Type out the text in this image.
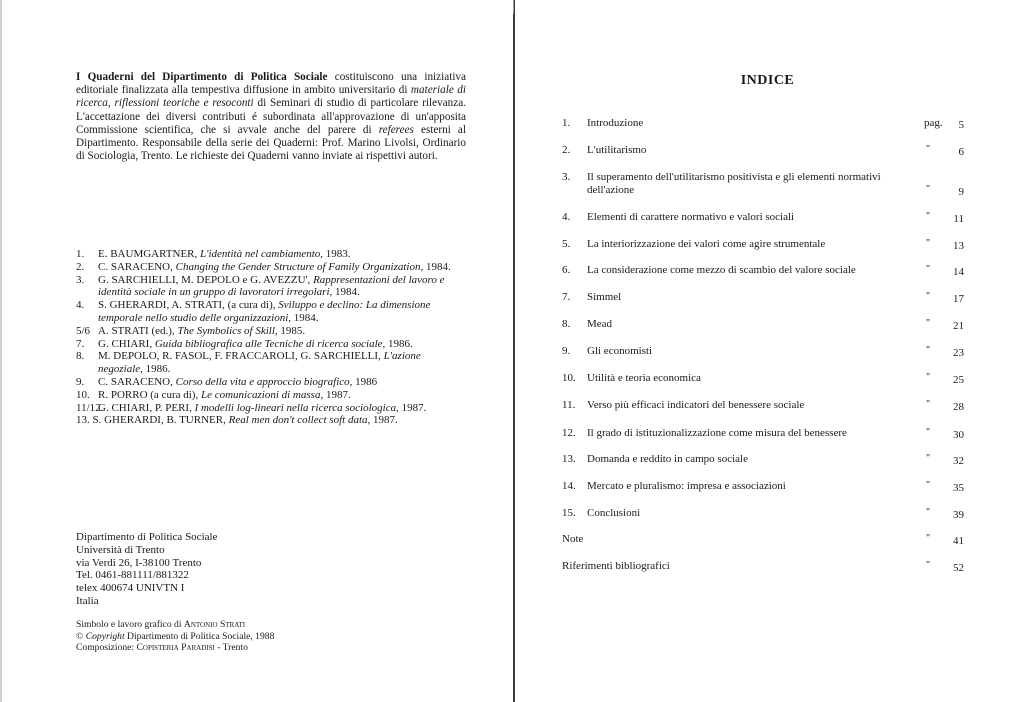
I Quaderni del Dipartimento di Politica Sociale costituiscono una iniziativa editoriale finalizzata alla tempestiva diffusione in ambito universitario di materiale di ricerca, riflessioni teoriche e resoconti di Seminari di studio di particolare rilevanza. L'accettazione dei diversi contributi é subordinata all'approvazione di un'apposita Commissione scientifica, che si avvale anche del parere di referees esterni al Dipartimento. Responsabile della serie dei Quaderni: Prof. Marino Livolsi, Ordinario di Sociologia, Trento. Le richieste dei Quaderni vanno inviate ai rispettivi autori.
1. E. BAUMGARTNER, L'identità nel cambiamento, 1983.
2. C. SARACENO, Changing the Gender Structure of Family Organization, 1984.
3. G. SARCHIELLI, M. DEPOLO e G. AVEZZU', Rappresentazioni del lavoro e identità sociale in un gruppo di lavoratori irregolari, 1984.
4. S. GHERARDI, A. STRATI, (a cura di), Sviluppo e declino: La dimensione temporale nello studio delle organizzazioni, 1984.
5/6 A. STRATI (ed.), The Symbolics of Skill, 1985.
7. G. CHIARI, Guida bibliografica alle Tecniche di ricerca sociale, 1986.
8. M. DEPOLO, R. FASOL, F. FRACCAROLI, G. SARCHIELLI, L'azione negoziale, 1986.
9. C. SARACENO, Corso della vita e approccio biografico, 1986
10. R. PORRO (a cura di), Le comunicazioni di massa, 1987.
11/12.
G. CHIARI, P. PERI, I modelli log-lineari nella ricerca sociologica, 1987.
13. S. GHERARDI, B. TURNER, Real men don't collect soft data, 1987.
Dipartimento di Politica Sociale
Università di Trento
via Verdi 26, I-38100 Trento
Tel. 0461-881111/881322
telex 400674 UNIVTN I
Italia
Simbolo e lavoro grafico di Antonio Strati
© Copyright Dipartimento di Politica Sociale, 1988
Composizione: Copisteria Paradisi - Trento
INDICE
1. Introduzione	pag. 5
2. L'utilitarismo	"	6
3. Il superamento dell'utilitarismo positivista e gli elementi normativi dell'azione	"	9
4. Elementi di carattere normativo e valori sociali	" 11
5. La interiorizzazione dei valori come agire strumentale	" 13
6. La considerazione come mezzo di scambio del valore sociale	" 14
7. Simmel	" 17
8. Mead	" 21
9. Gli economisti	" 23
10. Utilità e teoria economica	" 25
11. Verso più efficaci indicatori del benessere sociale	" 28
12. Il grado di istituzionalizzazione come misura del benessere	" 30
13. Domanda e reddito in campo sociale	" 32
14. Mercato e pluralismo: impresa e associazioni	" 35
15. Conclusioni	" 39
Note	" 41
Riferimenti bibliografici	" 52
